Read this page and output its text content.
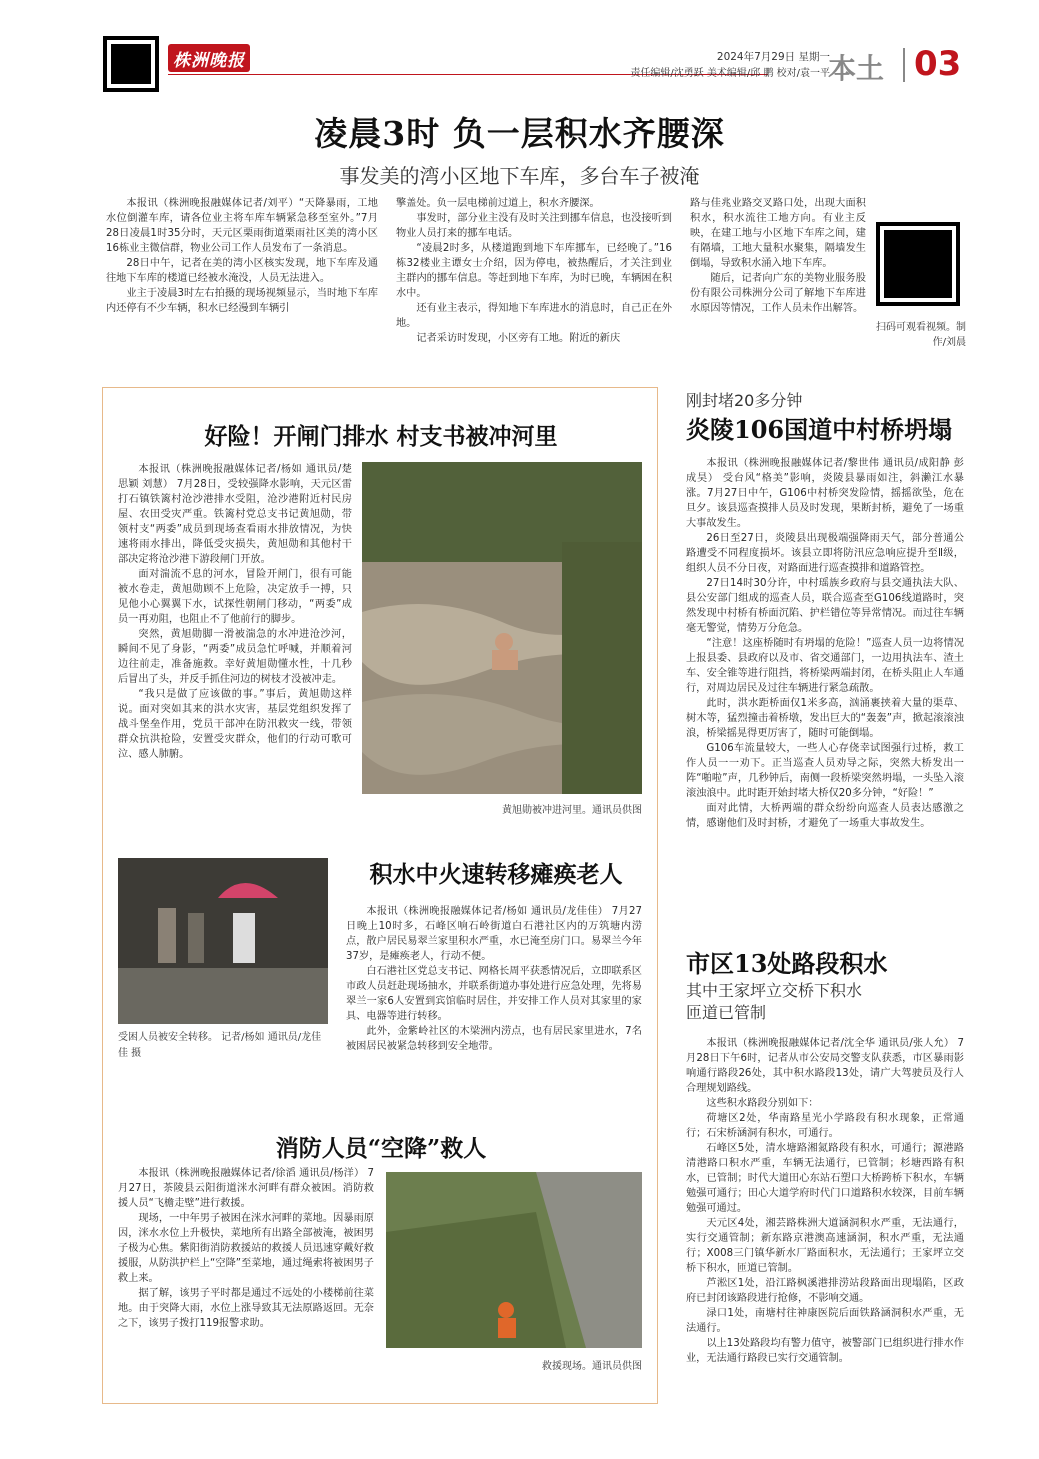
株洲晚报	2024年7月29日 星期一
责任编辑/沈勇跃 美术编辑/邱 鹏 校对/袁一平
本土 03
凌晨3时 负一层积水齐腰深
事发美的湾小区地下车库，多台车子被淹

本报讯（株洲晚报融媒体记者/刘平）“天降暴雨，工地水位倒灌车库，请各位业主将车库车辆紧急移至室外。”7月28日凌晨1时35分时，天元区栗雨街道栗雨社区美的湾小区16栋业主微信群，物业公司工作人员发布了一条消息。

28日中午，记者在美的湾小区核实发现，地下车库及通往地下车库的楼道已经被水淹没，人员无法进入。

业主于凌晨3时左右拍摄的现场视频显示，当时地下车库内还停有不少车辆，积水已经漫到车辆引

擎盖处。负一层电梯前过道上，积水齐腰深。

事发时，部分业主没有及时关注到挪车信息，也没接听到物业人员打来的挪车电话。

“凌晨2时多，从楼道跑到地下车库挪车，已经晚了。”16栋32楼业主谭女士介绍，因为停电，被热醒后，才关注到业主群内的挪车信息。等赶到地下车库，为时已晚，车辆困在积水中。

还有业主表示，得知地下车库进水的消息时，自己正在外地。

记者采访时发现，小区旁有工地。附近的新庆

路与佳兆业路交叉路口处，出现大面积积水，积水流往工地方向。有业主反映，在建工地与小区地下车库之间，建有隔墙，工地大量积水聚集，隔墙发生倒塌，导致积水涌入地下车库。

随后，记者向广东的美物业服务股份有限公司株洲分公司了解地下车库进水原因等情况，工作人员未作出解答。

扫码可观看视频。制作/刘晨
好险！开闸门排水 村支书被冲河里

本报讯（株洲晚报融媒体记者/杨如 通讯员/楚思颖 刘慧） 7月28日，受较强降水影响，天元区雷打石镇铁篱村沧沙港排水受阻，沧沙港附近村民房屋、农田受灾严重。铁篱村党总支书记黄旭勋，带领村支“两委”成员到现场查看雨水排放情况，为快速将雨水排出，降低受灾损失，黄旭勋和其他村干部决定将沧沙港下游段闸门开放。

面对湍流不息的河水，冒险开闸门，很有可能被水卷走，黄旭勋顾不上危险，决定放手一搏，只见他小心翼翼下水，试探性朝闸门移动，“两委”成员一再劝阻，也阻止不了他前行的脚步。

突然，黄旭勋脚一滑被湍急的水冲进沧沙河，瞬间不见了身影，“两委”成员急忙呼喊，并顺着河边往前走，准备施救。幸好黄旭勋懂水性，十几秒后冒出了头，并反手抓住河边的树枝才没被冲走。

“我只是做了应该做的事。”事后，黄旭勋这样说。面对突如其来的洪水灾害，基层党组织发挥了战斗堡垒作用，党员干部冲在防汛救灾一线，带领群众抗洪抢险，安置受灾群众，他们的行动可歌可泣、感人肺腑。

黄旭勋被冲进河里。通讯员供图
受困人员被安全转移。 记者/杨如 通讯员/龙佳佳 摄
积水中火速转移瘫痪老人

本报讯（株洲晚报融媒体记者/杨如 通讯员/龙佳佳） 7月27日晚上10时多，石峰区响石岭街道白石港社区内的万筑塘内涝点，散户居民易翠兰家里积水严重，水已淹至房门口。易翠兰今年37岁，是瘫痪老人，行动不便。

白石港社区党总支书记、网格长周平获悉情况后，立即联系区市政人员赶赴现场抽水，并联系街道办事处进行应急处理，先将易翠兰一家6人安置到宾馆临时居住，并安排工作人员对其家里的家具、电器等进行转移。

此外，金紫岭社区的木梁洲内涝点，也有居民家里进水，7名被困居民被紧急转移到安全地带。

消防人员“空降”救人

本报讯（株洲晚报融媒体记者/徐滔 通讯员/杨洋） 7月27日，茶陵县云阳街道洣水河畔有群众被困。消防救援人员“飞檐走壁”进行救援。

现场，一中年男子被困在洣水河畔的菜地。因暴雨原因，洣水水位上升极快，菜地所有出路全部被淹，被困男子极为心焦。紫阳街消防救援站的救援人员迅速穿戴好救援服，从防洪护栏上“空降”至菜地，通过绳索将被困男子救上来。

据了解，该男子平时都是通过不远处的小楼梯前往菜地。由于突降大雨，水位上涨导致其无法原路返回。无奈之下，该男子拨打119报警求助。

救援现场。通讯员供图
刚封堵20多分钟
炎陵106国道中村桥坍塌

本报讯（株洲晚报融媒体记者/黎世伟 通讯员/成阳静 彭成昊） 受台风“格美”影响，炎陵县暴雨如注，斜濑江水暴涨。7月27日中午，G106中村桥突发险情，摇摇欲坠，危在旦夕。该县巡查摸排人员及时发现，果断封桥，避免了一场重大事故发生。

26日至27日，炎陵县出现极端强降雨天气，部分普通公路遭受不同程度损坏。该县立即将防汛应急响应提升至Ⅱ级，组织人员不分日夜，对路面进行巡查摸排和道路管控。

27日14时30分许，中村瑶族乡政府与县交通执法大队、县公安部门组成的巡查人员，联合巡查至G106线道路时，突然发现中村桥有桥面沉陷、护栏错位等异常情况。而过往车辆毫无警觉，情势万分危急。

“注意！这座桥随时有坍塌的危险！”巡查人员一边将情况上报县委、县政府以及市、省交通部门，一边用执法车、渣土车、安全锥等进行阻挡，将桥梁两端封闭，在桥头阻止人车通行，对周边居民及过往车辆进行紧急疏散。

此时，洪水距桥面仅1米多高，汹涌裹挟着大量的渠草、树木等，猛烈撞击着桥墩，发出巨大的“轰轰”声，掀起滚滚浊浪，桥梁摇晃得更厉害了，随时可能倒塌。

G106车流量较大，一些人心存侥幸试图强行过桥，救工作人员一一劝下。正当巡查人员劝导之际，突然大桥发出一阵“啪啦”声，几秒钟后，南侧一段桥梁突然坍塌，一头坠入滚滚浊浪中。此时距开始封堵大桥仅20多分钟，“好险！”

面对此情，大桥两端的群众纷纷向巡查人员表达感激之情，感谢他们及时封桥，才避免了一场重大事故发生。

市区13处路段积水
其中王家坪立交桥下积水
匝道已管制

本报讯（株洲晚报融媒体记者/沈全华 通讯员/张人允） 7月28日下午6时，记者从市公安局交警支队获悉，市区暴雨影响通行路段26处，其中积水路段13处，请广大驾驶员及行人合理规划路线。

这些积水路段分别如下：

荷塘区2处，华南路星光小学路段有积水现象，正常通行；石宋桥涵洞有积水，可通行。

石峰区5处，清水塘路湘氮路段有积水，可通行；源港路清港路口积水严重，车辆无法通行，已管制；杉塘西路有积水，已管制；时代大道田心东站石塑口大桥跨桥下积水，车辆勉强可通行；田心大道学府时代门口道路积水较深，目前车辆勉强可通过。

天元区4处，湘芸路株洲大道涵洞积水严重，无法通行，实行交通管制；新东路京港澳高速涵洞，积水严重，无法通行；X008三门镇华新水厂路面积水，无法通行；王家坪立交桥下积水，匝道已管制。

芦淞区1处，沿江路枫溪港排涝站段路面出现塌陷，区政府已封闭该路段进行抢修，不影响交通。

渌口1处，南塘村往神康医院后面铁路涵洞积水严重，无法通行。

以上13处路段均有警力值守，被警部门已组织进行排水作业，无法通行路段已实行交通管制。
